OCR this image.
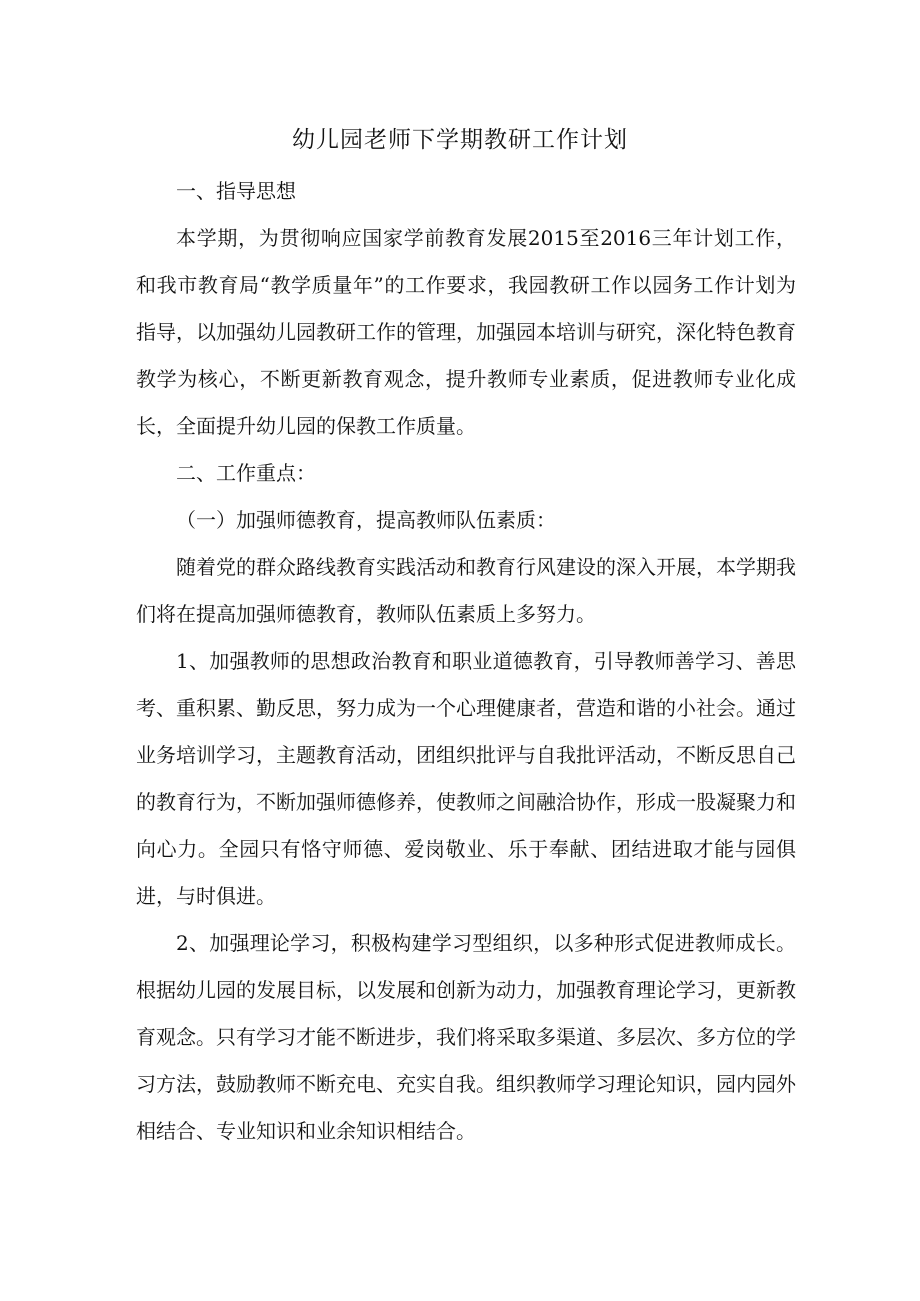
幼儿园老师下学期教研工作计划

一、指导思想

本学期，为贯彻响应国家学前教育发展2015至2016三年计划工作，和我市教育局“教学质量年”的工作要求，我园教研工作以园务工作计划为指导，以加强幼儿园教研工作的管理，加强园本培训与研究，深化特色教育教学为核心，不断更新教育观念，提升教师专业素质，促进教师专业化成长，全面提升幼儿园的保教工作质量。

二、工作重点：

（一）加强师德教育，提高教师队伍素质：

随着党的群众路线教育实践活动和教育行风建设的深入开展，本学期我们将在提高加强师德教育，教师队伍素质上多努力。

1、加强教师的思想政治教育和职业道德教育，引导教师善学习、善思考、重积累、勤反思，努力成为一个心理健康者，营造和谐的小社会。通过业务培训学习，主题教育活动，团组织批评与自我批评活动，不断反思自己的教育行为，不断加强师德修养，使教师之间融洽协作，形成一股凝聚力和向心力。全园只有恪守师德、爱岗敬业、乐于奉献、团结进取才能与园俱进，与时俱进。

2、加强理论学习，积极构建学习型组织，以多种形式促进教师成长。根据幼儿园的发展目标，以发展和创新为动力，加强教育理论学习，更新教育观念。只有学习才能不断进步，我们将采取多渠道、多层次、多方位的学习方法，鼓励教师不断充电、充实自我。组织教师学习理论知识，园内园外相结合、专业知识和业余知识相结合。
